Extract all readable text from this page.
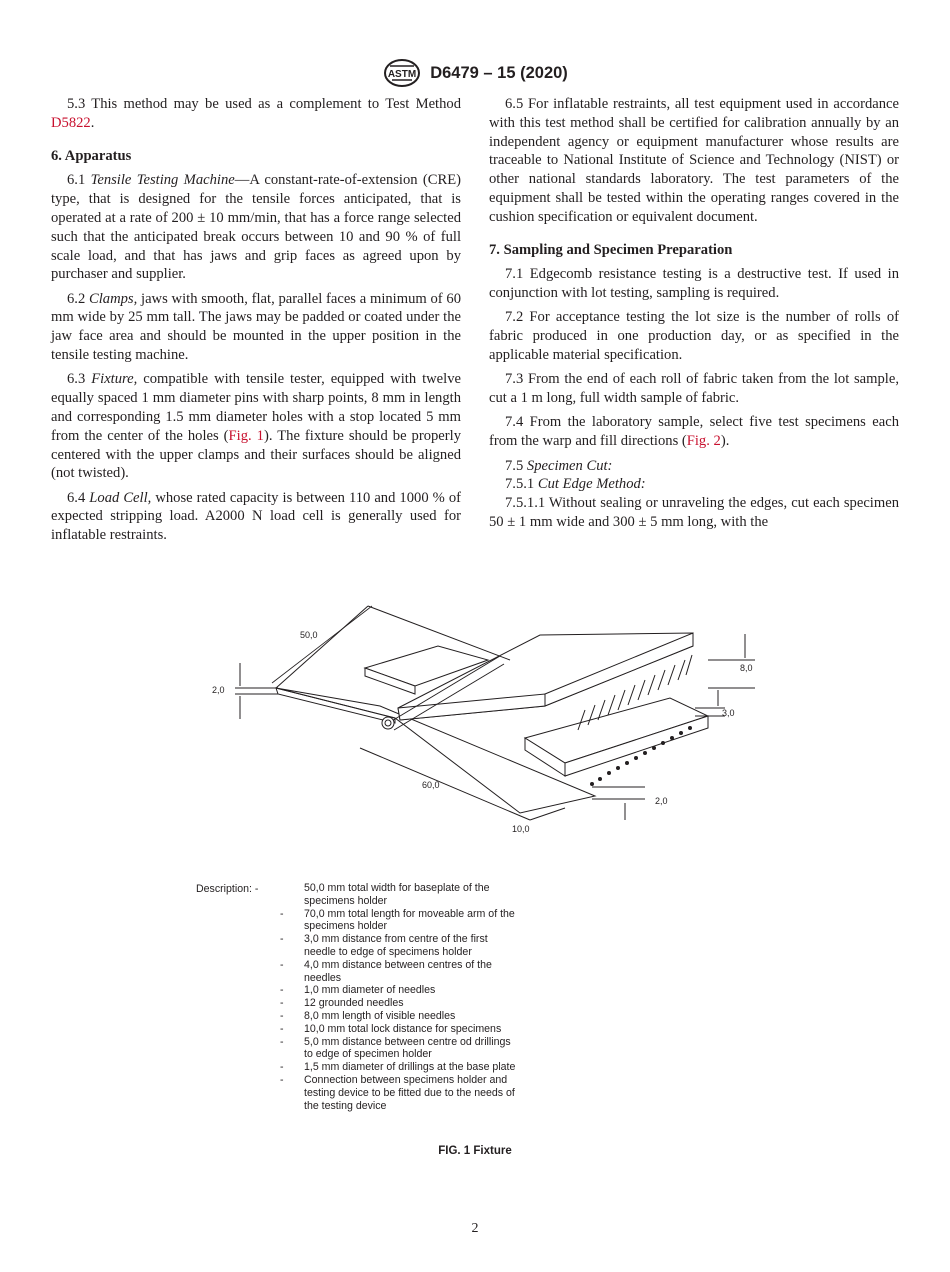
ASTM D6479 – 15 (2020)

5.3 This method may be used as a complement to Test Method D5822.

6. Apparatus

6.1 Tensile Testing Machine—A constant-rate-of-extension (CRE) type, that is designed for the tensile forces anticipated, that is operated at a rate of 200 ± 10 mm/min, that has a force range selected such that the anticipated break occurs between 10 and 90 % of full scale load, and that has jaws and grip faces as agreed upon by purchaser and supplier.

6.2 Clamps, jaws with smooth, flat, parallel faces a minimum of 60 mm wide by 25 mm tall. The jaws may be padded or coated under the jaw face area and should be mounted in the upper position in the tensile testing machine.

6.3 Fixture, compatible with tensile tester, equipped with twelve equally spaced 1 mm diameter pins with sharp points, 8 mm in length and corresponding 1.5 mm diameter holes with a stop located 5 mm from the center of the holes (Fig. 1). The fixture should be properly centered with the upper clamps and their surfaces should be aligned (not twisted).

6.4 Load Cell, whose rated capacity is between 110 and 1000 % of expected stripping load. A2000 N load cell is generally used for inflatable restraints.

6.5 For inflatable restraints, all test equipment used in accordance with this test method shall be certified for calibration annually by an independent agency or equipment manufacturer whose results are traceable to National Institute of Science and Technology (NIST) or other national standards laboratory. The test parameters of the equipment shall be tested within the operating ranges covered in the cushion specification or equivalent document.

7. Sampling and Specimen Preparation

7.1 Edgecomb resistance testing is a destructive test. If used in conjunction with lot testing, sampling is required.

7.2 For acceptance testing the lot size is the number of rolls of fabric produced in one production day, or as specified in the applicable material specification.

7.3 From the end of each roll of fabric taken from the lot sample, cut a 1 m long, full width sample of fabric.

7.4 From the laboratory sample, select five test specimens each from the warp and fill directions (Fig. 2).

7.5 Specimen Cut:

7.5.1 Cut Edge Method:

7.5.1.1 Without sealing or unraveling the edges, cut each specimen 50 ± 1 mm wide and 300 ± 5 mm long, with the

50,0
2,0
8,0
3,0
60,0
2,0
10,0
Description: -	50,0 mm total width for baseplate of the specimens holder
- 70,0 mm total length for moveable arm of the specimens holder
- 3,0 mm distance from centre of the first needle to edge of specimens holder
- 4,0 mm distance between centres of the needles
- 1,0 mm diameter of needles
- 12 grounded needles
- 8,0 mm length of visible needles
- 10,0 mm total lock distance for specimens
- 5,0 mm distance between centre od drillings to edge of specimen holder
- 1,5 mm diameter of drillings at the base plate
- Connection between specimens holder and testing device to be fitted due to the needs of the testing device
FIG. 1 Fixture
2
